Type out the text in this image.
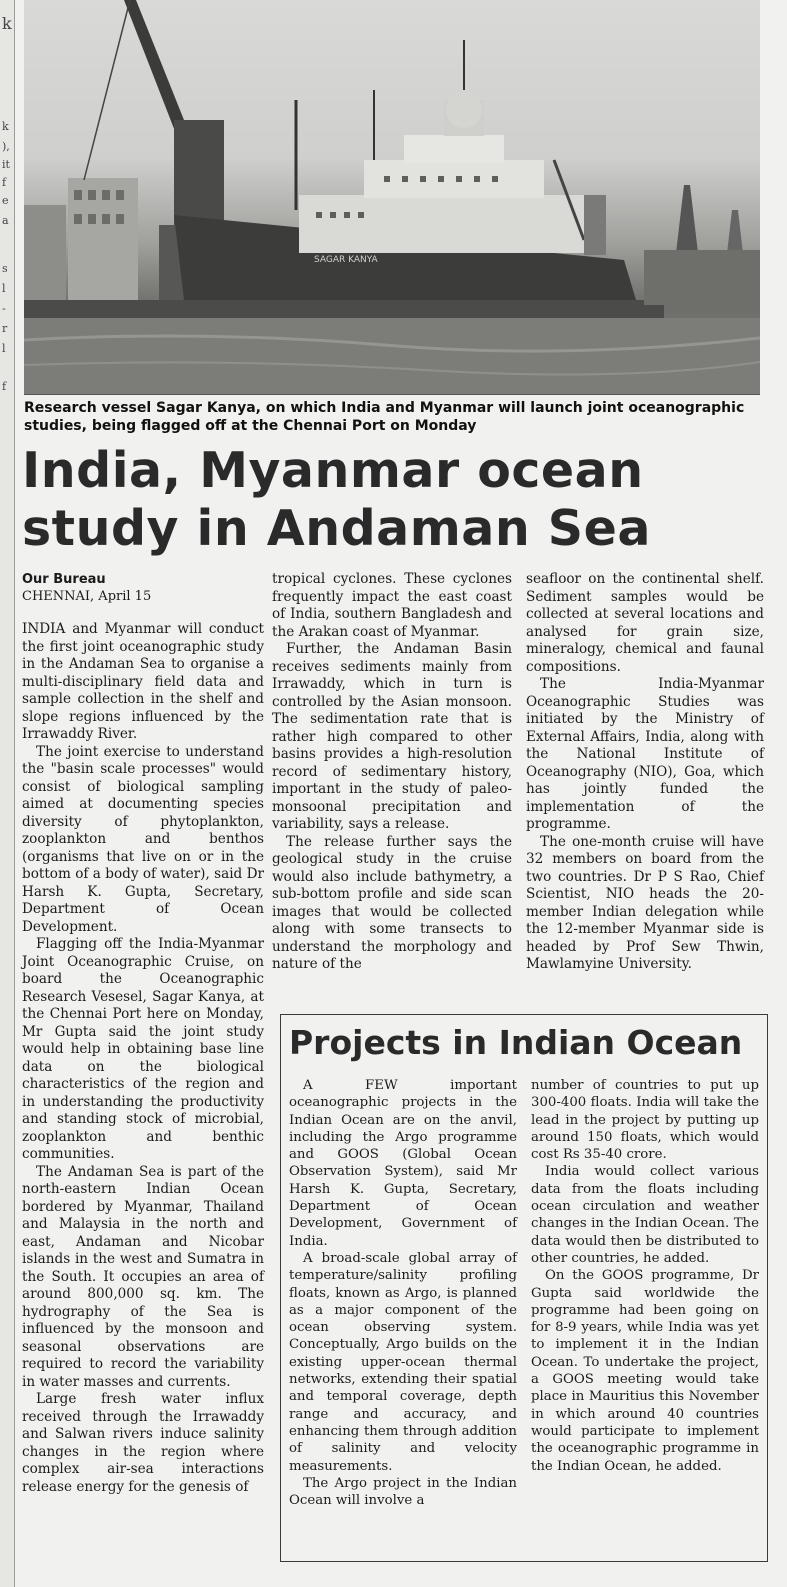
k
k
),
it
f
e
a
s
l
-
r
l
f
SAGAR KANYA
Research vessel Sagar Kanya, on which India and Myanmar will launch joint oceanographic studies, being flagged off at the Chennai Port on Monday
India, Myanmar ocean study in Andaman Sea
Our Bureau
CHENNAI, April 15

INDIA and Myanmar will conduct the first joint oceanographic study in the Andaman Sea to organise a multi-disciplinary field data and sample collection in the shelf and slope regions influenced by the Irrawaddy River.

The joint exercise to understand the "basin scale processes" would consist of biological sampling aimed at documenting species diversity of phytoplankton, zooplankton and benthos (organisms that live on or in the bottom of a body of water), said Dr Harsh K. Gupta, Secretary, Department of Ocean Development.

Flagging off the India-Myanmar Joint Oceanographic Cruise, on board the Oceanographic Research Vesesel, Sagar Kanya, at the Chennai Port here on Monday, Mr Gupta said the joint study would help in obtaining base line data on the biological characteristics of the region and in understanding the productivity and standing stock of microbial, zooplankton and benthic communities.

The Andaman Sea is part of the north-eastern Indian Ocean bordered by Myanmar, Thailand and Malaysia in the north and east, Andaman and Nicobar islands in the west and Sumatra in the South. It occupies an area of around 800,000 sq. km. The hydrography of the Sea is influenced by the monsoon and seasonal observations are required to record the variability in water masses and currents.

Large fresh water influx received through the Irrawaddy and Salwan rivers induce salinity changes in the region where complex air-sea interactions release energy for the genesis of

tropical cyclones. These cyclones frequently impact the east coast of India, southern Bangladesh and the Arakan coast of Myanmar.

Further, the Andaman Basin receives sediments mainly from Irrawaddy, which in turn is controlled by the Asian monsoon. The sedimentation rate that is rather high compared to other basins provides a high-resolution record of sedimentary history, important in the study of paleo-monsoonal precipitation and variability, says a release.

The release further says the geological study in the cruise would also include bathymetry, a sub-bottom profile and side scan images that would be collected along with some transects to understand the morphology and nature of the

seafloor on the continental shelf. Sediment samples would be collected at several locations and analysed for grain size, mineralogy, chemical and faunal compositions.

The India-Myanmar Oceanographic Studies was initiated by the Ministry of External Affairs, India, along with the National Institute of Oceanography (NIO), Goa, which has jointly funded the implementation of the programme.

The one-month cruise will have 32 members on board from the two countries. Dr P S Rao, Chief Scientist, NIO heads the 20-member Indian delegation while the 12-member Myanmar side is headed by Prof Sew Thwin, Mawlamyine University.

Projects in Indian Ocean

A FEW important oceanographic projects in the Indian Ocean are on the anvil, including the Argo programme and GOOS (Global Ocean Observation System), said Mr Harsh K. Gupta, Secretary, Department of Ocean Development, Government of India.

A broad-scale global array of temperature/salinity profiling floats, known as Argo, is planned as a major component of the ocean observing system. Conceptually, Argo builds on the existing upper-ocean thermal networks, extending their spatial and temporal coverage, depth range and accuracy, and enhancing them through addition of salinity and velocity measurements.

The Argo project in the Indian Ocean will involve a

number of countries to put up 300-400 floats. India will take the lead in the project by putting up around 150 floats, which would cost Rs 35-40 crore.

India would collect various data from the floats including ocean circulation and weather changes in the Indian Ocean. The data would then be distributed to other countries, he added.

On the GOOS programme, Dr Gupta said worldwide the programme had been going on for 8-9 years, while India was yet to implement it in the Indian Ocean. To undertake the project, a GOOS meeting would take place in Mauritius this November in which around 40 countries would participate to implement the oceanographic programme in the Indian Ocean, he added.
